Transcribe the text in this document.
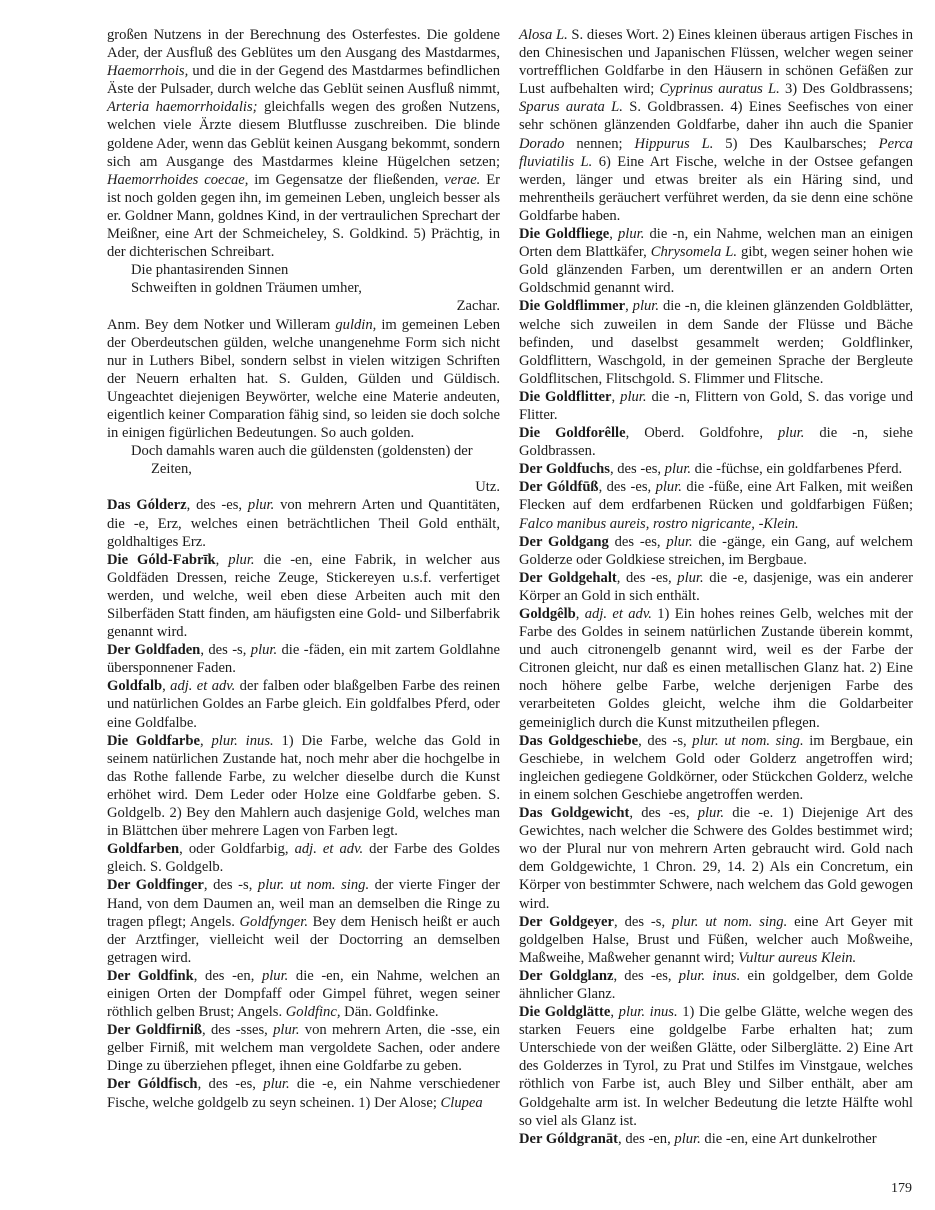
großen Nutzens in der Berechnung des Osterfestes. Die goldene Ader, der Ausfluß des Geblütes um den Ausgang des Mastdarmes, Haemorrhois, und die in der Gegend des Mastdarmes befindlichen Äste der Pulsader, durch welche das Geblüt seinen Ausfluß nimmt, Arteria haemorrhoidalis; gleichfalls wegen des großen Nutzens, welchen viele Ärzte diesem Blutflusse zuschreiben. Die blinde goldene Ader, wenn das Geblüt keinen Ausgang bekommt, sondern sich am Ausgange des Mastdarmes kleine Hügelchen setzen; Haemorrhoides coecae, im Gegensatze der fließenden, verae. Er ist noch golden gegen ihn, im gemeinen Leben, ungleich besser als er. Goldner Mann, goldnes Kind, in der vertraulichen Sprechart der Meißner, eine Art der Schmeicheley, S. Goldkind. 5) Prächtig, in der dichterischen Schreibart.
Die phantasirenden Sinnen
Schweiften in goldnen Träumen umher,
Zachar.
Anm. Bey dem Notker und Willeram guldin, im gemeinen Leben der Oberdeutschen gülden, welche unangenehme Form sich nicht nur in Luthers Bibel, sondern selbst in vielen witzigen Schriften der Neuern erhalten hat. S. Gulden, Gülden und Güldisch. Ungeachtet diejenigen Beywörter, welche eine Materie andeuten, eigentlich keiner Comparation fähig sind, so leiden sie doch solche in einigen figürlichen Bedeutungen. So auch golden.
Doch damahls waren auch die güldensten (goldensten) der
Zeiten,
Utz.
Das Gólderz, des -es, plur. von mehrern Arten und Quantitäten, die -e, Erz, welches einen beträchtlichen Theil Gold enthält, goldhaltiges Erz.
Die Góld-Fabrīk, plur. die -en, eine Fabrik, in welcher aus Goldfäden Dressen, reiche Zeuge, Stickereyen u.s.f. verfertiget werden, und welche, weil eben diese Arbeiten auch mit den Silberfäden Statt finden, am häufigsten eine Gold- und Silberfabrik genannt wird.
Der Goldfaden, des -s, plur. die -fäden, ein mit zartem Goldlahne übersponnener Faden.
Goldfalb, adj. et adv. der falben oder blaßgelben Farbe des reinen und natürlichen Goldes an Farbe gleich. Ein goldfalbes Pferd, oder eine Goldfalbe.
Die Goldfarbe, plur. inus. 1) Die Farbe, welche das Gold in seinem natürlichen Zustande hat, noch mehr aber die hochgelbe in das Rothe fallende Farbe, zu welcher dieselbe durch die Kunst erhöhet wird. Dem Leder oder Holze eine Goldfarbe geben. S. Goldgelb. 2) Bey den Mahlern auch dasjenige Gold, welches man in Blättchen über mehrere Lagen von Farben legt.
Goldfarben, oder Goldfarbig, adj. et adv. der Farbe des Goldes gleich. S. Goldgelb.
Der Goldfinger, des -s, plur. ut nom. sing. der vierte Finger der Hand, von dem Daumen an, weil man an demselben die Ringe zu tragen pflegt; Angels. Goldfynger. Bey dem Henisch heißt er auch der Arztfinger, vielleicht weil der Doctorring an demselben getragen wird.
Der Goldfink, des -en, plur. die -en, ein Nahme, welchen an einigen Orten der Dompfaff oder Gimpel führet, wegen seiner röthlich gelben Brust; Angels. Goldfinc, Dän. Goldfinke.
Der Goldfirniß, des -sses, plur. von mehrern Arten, die -sse, ein gelber Firniß, mit welchem man vergoldete Sachen, oder andere Dinge zu überziehen pfleget, ihnen eine Goldfarbe zu geben.
Der Góldfisch, des -es, plur. die -e, ein Nahme verschiedener Fische, welche goldgelb zu seyn scheinen. 1) Der Alose; Clupea
Alosa L. S. dieses Wort. 2) Eines kleinen überaus artigen Fisches in den Chinesischen und Japanischen Flüssen, welcher wegen seiner vortrefflichen Goldfarbe in den Häusern in schönen Gefäßen zur Lust aufbehalten wird; Cyprinus auratus L. 3) Des Goldbrassens; Sparus aurata L. S. Goldbrassen. 4) Eines Seefisches von einer sehr schönen glänzenden Goldfarbe, daher ihn auch die Spanier Dorado nennen; Hippurus L. 5) Des Kaulbarsches; Perca fluviatilis L. 6) Eine Art Fische, welche in der Ostsee gefangen werden, länger und etwas breiter als ein Häring sind, und mehrentheils geräuchert verführet werden, da sie denn eine schöne Goldfarbe haben.
Die Goldfliege, plur. die -n, ein Nahme, welchen man an einigen Orten dem Blattkäfer, Chrysomela L. gibt, wegen seiner hohen wie Gold glänzenden Farben, um derentwillen er an andern Orten Goldschmid genannt wird.
Die Goldflimmer, plur. die -n, die kleinen glänzenden Goldblätter, welche sich zuweilen in dem Sande der Flüsse und Bäche befinden, und daselbst gesammelt werden; Goldflinker, Goldflittern, Waschgold, in der gemeinen Sprache der Bergleute Goldflitschen, Flitschgold. S. Flimmer und Flitsche.
Die Goldflitter, plur. die -n, Flittern von Gold, S. das vorige und Flitter.
Die Goldforêlle, Oberd. Goldfohre, plur. die -n, siehe Goldbrassen.
Der Goldfuchs, des -es, plur. die -füchse, ein goldfarbenes Pferd.
Der Góldfūß, des -es, plur. die -füße, eine Art Falken, mit weißen Flecken auf dem erdfarbenen Rücken und goldfarbigen Füßen; Falco manibus aureis, rostro nigricante, -Klein.
Der Goldgang des -es, plur. die -gänge, ein Gang, auf welchem Golderze oder Goldkiese streichen, im Bergbaue.
Der Goldgehalt, des -es, plur. die -e, dasjenige, was ein anderer Körper an Gold in sich enthält.
Goldgêlb, adj. et adv. 1) Ein hohes reines Gelb, welches mit der Farbe des Goldes in seinem natürlichen Zustande überein kommt, und auch citronengelb genannt wird, weil es der Farbe der Citronen gleicht, nur daß es einen metallischen Glanz hat. 2) Eine noch höhere gelbe Farbe, welche derjenigen Farbe des verarbeiteten Goldes gleicht, welche ihm die Goldarbeiter gemeiniglich durch die Kunst mitzutheilen pflegen.
Das Goldgeschiebe, des -s, plur. ut nom. sing. im Bergbaue, ein Geschiebe, in welchem Gold oder Golderz angetroffen wird; ingleichen gediegene Goldkörner, oder Stückchen Golderz, welche in einem solchen Geschiebe angetroffen werden.
Das Goldgewicht, des -es, plur. die -e. 1) Diejenige Art des Gewichtes, nach welcher die Schwere des Goldes bestimmet wird; wo der Plural nur von mehrern Arten gebraucht wird. Gold nach dem Goldgewichte, 1 Chron. 29, 14. 2) Als ein Concretum, ein Körper von bestimmter Schwere, nach welchem das Gold gewogen wird.
Der Goldgeyer, des -s, plur. ut nom. sing. eine Art Geyer mit goldgelben Halse, Brust und Füßen, welcher auch Moßweihe, Maßweihe, Maßweher genannt wird; Vultur aureus Klein.
Der Goldglanz, des -es, plur. inus. ein goldgelber, dem Golde ähnlicher Glanz.
Die Goldglätte, plur. inus. 1) Die gelbe Glätte, welche wegen des starken Feuers eine goldgelbe Farbe erhalten hat; zum Unterschiede von der weißen Glätte, oder Silberglätte. 2) Eine Art des Golderzes in Tyrol, zu Prat und Stilfes im Vinstgaue, welches röthlich von Farbe ist, auch Bley und Silber enthält, aber am Goldgehalte arm ist. In welcher Bedeutung die letzte Hälfte wohl so viel als Glanz ist.
Der Góldgranāt, des -en, plur. die -en, eine Art dunkelrother
179
